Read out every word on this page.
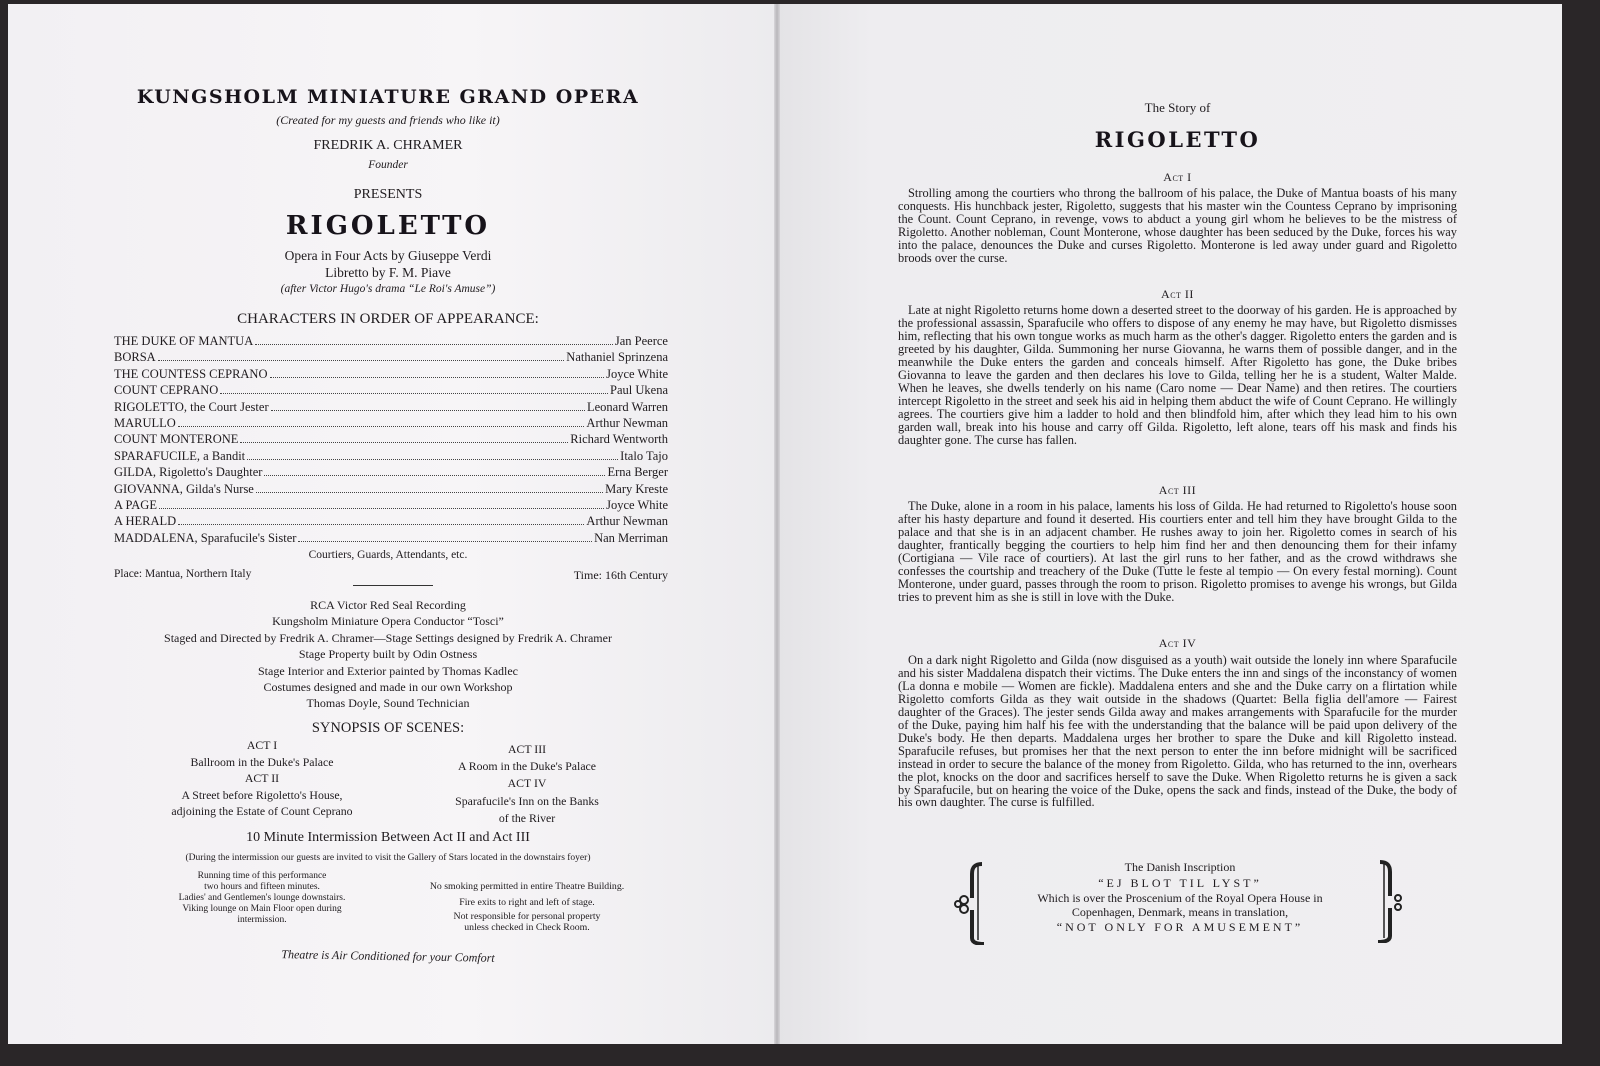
KUNGSHOLM MINIATURE GRAND OPERA
(Created for my guests and friends who like it)
FREDRIK A. CHRAMER
Founder
PRESENTS
RIGOLETTO
Opera in Four Acts by Giuseppe Verdi
Libretto by F. M. Piave
(after Victor Hugo's drama “Le Roi's Amuse”)
CHARACTERS IN ORDER OF APPEARANCE:
THE DUKE OF MANTUA	Jan Peerce
BORSA	Nathaniel Sprinzena
THE COUNTESS CEPRANO	Joyce White
COUNT CEPRANO	Paul Ukena
RIGOLETTO, the Court Jester	Leonard Warren
MARULLO	Arthur Newman
COUNT MONTERONE	Richard Wentworth
SPARAFUCILE, a Bandit	Italo Tajo
GILDA, Rigoletto's Daughter	Erna Berger
GIOVANNA, Gilda's Nurse	Mary Kreste
A PAGE	Joyce White
A HERALD	Arthur Newman
MADDALENA, Sparafucile's Sister	Nan Merriman
Courtiers, Guards, Attendants, etc.
Place: Mantua, Northern Italy	Time: 16th Century
RCA Victor Red Seal Recording
Kungsholm Miniature Opera Conductor “Tosci”
Staged and Directed by Fredrik A. Chramer—Stage Settings designed by Fredrik A. Chramer
Stage Property built by Odin Ostness
Stage Interior and Exterior painted by Thomas Kadlec
Costumes designed and made in our own Workshop
Thomas Doyle, Sound Technician
SYNOPSIS OF SCENES:
ACT I
Ballroom in the Duke's Palace
ACT II
A Street before Rigoletto's House,
adjoining the Estate of Count Ceprano
ACT III
A Room in the Duke's Palace
ACT IV
Sparafucile's Inn on the Banks
of the River
10 Minute Intermission Between Act II and Act III
(During the intermission our guests are invited to visit the Gallery of Stars located in the downstairs foyer)
Running time of this performance
two hours and fifteen minutes.
Ladies' and Gentlemen's lounge downstairs.
Viking lounge on Main Floor open during
intermission.
No smoking permitted in entire Theatre Building.
Fire exits to right and left of stage.
Not responsible for personal property
unless checked in Check Room.
Theatre is Air Conditioned for your Comfort
The Story of
RIGOLETTO
Act I
Strolling among the courtiers who throng the ballroom of his palace, the Duke of Mantua boasts of his many conquests. His hunchback jester, Rigoletto, suggests that his master win the Countess Ceprano by imprisoning the Count. Count Ceprano, in revenge, vows to abduct a young girl whom he believes to be the mistress of Rigoletto. Another nobleman, Count Monterone, whose daughter has been seduced by the Duke, forces his way into the palace, denounces the Duke and curses Rigoletto. Monterone is led away under guard and Rigoletto broods over the curse.
Act II
Late at night Rigoletto returns home down a deserted street to the doorway of his garden. He is approached by the professional assassin, Sparafucile who offers to dispose of any enemy he may have, but Rigoletto dismisses him, reflecting that his own tongue works as much harm as the other's dagger. Rigoletto enters the garden and is greeted by his daughter, Gilda. Summoning her nurse Giovanna, he warns them of possible danger, and in the meanwhile the Duke enters the garden and conceals himself. After Rigoletto has gone, the Duke bribes Giovanna to leave the garden and then declares his love to Gilda, telling her he is a student, Walter Malde. When he leaves, she dwells tenderly on his name (Caro nome — Dear Name) and then retires. The courtiers intercept Rigoletto in the street and seek his aid in helping them abduct the wife of Count Ceprano. He willingly agrees. The courtiers give him a ladder to hold and then blindfold him, after which they lead him to his own garden wall, break into his house and carry off Gilda. Rigoletto, left alone, tears off his mask and finds his daughter gone. The curse has fallen.
Act III
The Duke, alone in a room in his palace, laments his loss of Gilda. He had returned to Rigoletto's house soon after his hasty departure and found it deserted. His courtiers enter and tell him they have brought Gilda to the palace and that she is in an adjacent chamber. He rushes away to join her. Rigoletto comes in search of his daughter, frantically begging the courtiers to help him find her and then denouncing them for their infamy (Cortigiana — Vile race of courtiers). At last the girl runs to her father, and as the crowd withdraws she confesses the courtship and treachery of the Duke (Tutte le feste al tempio — On every festal morning). Count Monterone, under guard, passes through the room to prison. Rigoletto promises to avenge his wrongs, but Gilda tries to prevent him as she is still in love with the Duke.
Act IV
On a dark night Rigoletto and Gilda (now disguised as a youth) wait outside the lonely inn where Sparafucile and his sister Maddalena dispatch their victims. The Duke enters the inn and sings of the inconstancy of women (La donna e mobile — Women are fickle). Maddalena enters and she and the Duke carry on a flirtation while Rigoletto comforts Gilda as they wait outside in the shadows (Quartet: Bella figlia dell'amore — Fairest daughter of the Graces). The jester sends Gilda away and makes arrangements with Sparafucile for the murder of the Duke, paying him half his fee with the understanding that the balance will be paid upon delivery of the Duke's body. He then departs. Maddalena urges her brother to spare the Duke and kill Rigoletto instead. Sparafucile refuses, but promises her that the next person to enter the inn before midnight will be sacrificed instead in order to secure the balance of the money from Rigoletto. Gilda, who has returned to the inn, overhears the plot, knocks on the door and sacrifices herself to save the Duke. When Rigoletto returns he is given a sack by Sparafucile, but on hearing the voice of the Duke, opens the sack and finds, instead of the Duke, the body of his own daughter. The curse is fulfilled.
The Danish Inscription
“EJ BLOT TIL LYST”
Which is over the Proscenium of the Royal Opera House in
Copenhagen, Denmark, means in translation,
“NOT ONLY FOR AMUSEMENT”
